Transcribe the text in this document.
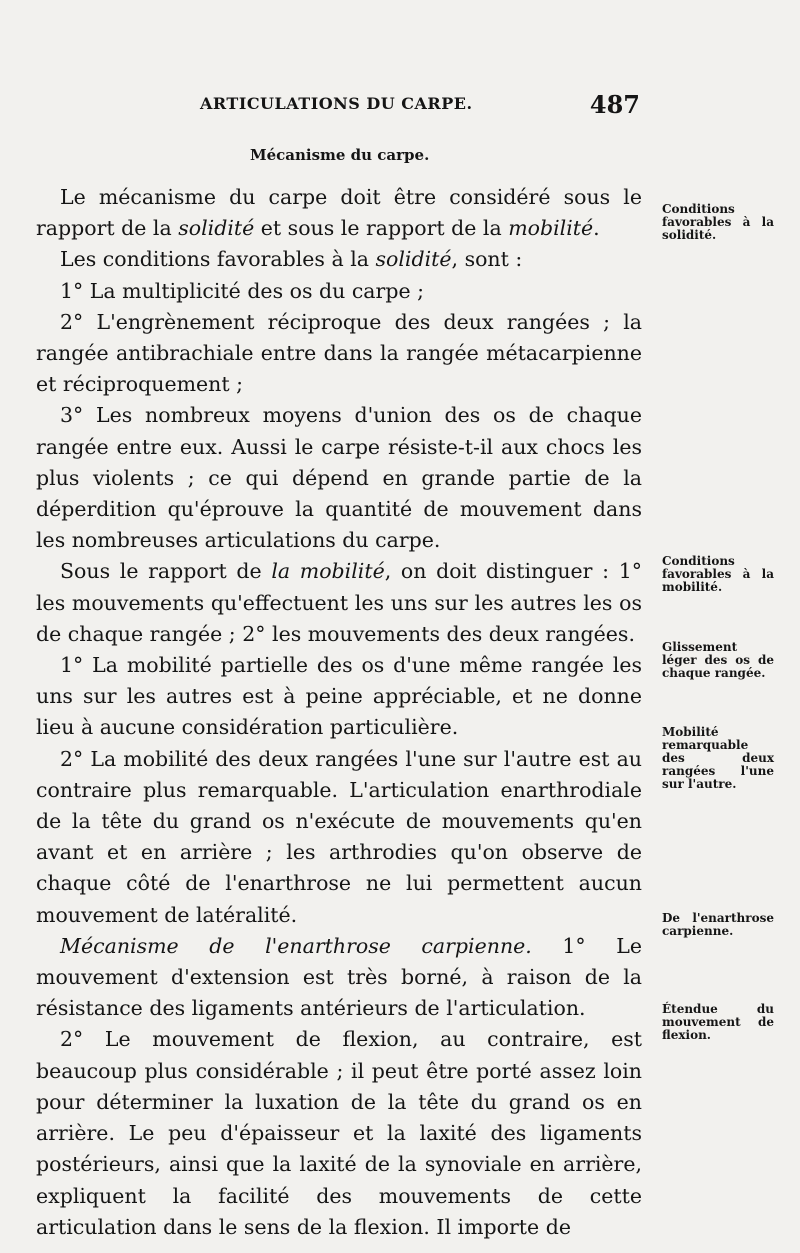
ARTICULATIONS DU CARPE.	487
Mécanisme du carpe.

Le mécanisme du carpe doit être considéré sous le rapport de la solidité et sous le rapport de la mobilité.

Les conditions favorables à la solidité, sont :

1° La multiplicité des os du carpe ;

2° L'engrènement réciproque des deux rangées ; la rangée antibrachiale entre dans la rangée métacarpienne et réciproquement ;

3° Les nombreux moyens d'union des os de chaque rangée entre eux. Aussi le carpe résiste-t-il aux chocs les plus violents ; ce qui dépend en grande partie de la déperdition qu'éprouve la quantité de mouvement dans les nombreuses articulations du carpe.

Sous le rapport de la mobilité, on doit distinguer : 1° les mouvements qu'effectuent les uns sur les autres les os de chaque rangée ; 2° les mouvements des deux rangées.

1° La mobilité partielle des os d'une même rangée les uns sur les autres est à peine appréciable, et ne donne lieu à aucune considération particulière.

2° La mobilité des deux rangées l'une sur l'autre est au contraire plus remarquable. L'articulation enarthrodiale de la tête du grand os n'exécute de mouvements qu'en avant et en arrière ; les arthrodies qu'on observe de chaque côté de l'enarthrose ne lui permettent aucun mouvement de latéralité.

Mécanisme de l'enarthrose carpienne. 1° Le mouvement d'extension est très borné, à raison de la résistance des ligaments antérieurs de l'articulation.

2° Le mouvement de flexion, au contraire, est beaucoup plus considérable ; il peut être porté assez loin pour déterminer la luxation de la tête du grand os en arrière. Le peu d'épaisseur et la laxité des ligaments postérieurs, ainsi que la laxité de la synoviale en arrière, expliquent la facilité des mouvements de cette articulation dans le sens de la flexion. Il importe de

Conditions favorables à la solidité.
Conditions favorables à la mobilité.
Glissement léger des os de chaque rangée.
Mobilité remarquable des deux rangées l'une sur l'autre.
De l'enarthrose carpienne.
Étendue du mouvement de flexion.
